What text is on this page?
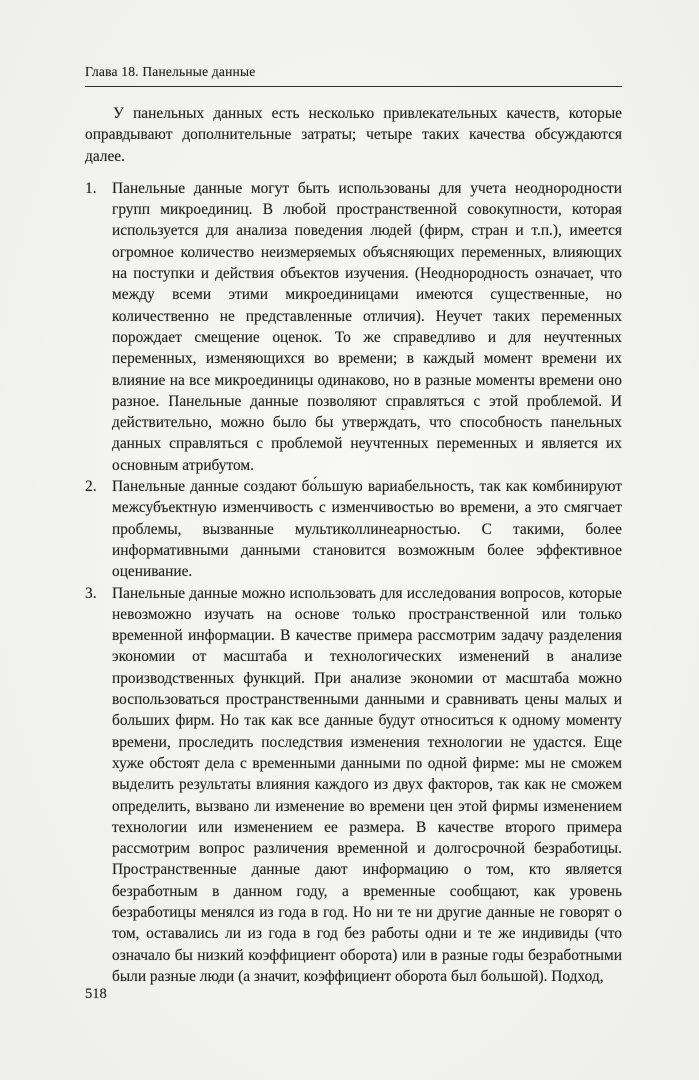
Глава 18. Панельные данные

У панельных данных есть несколько привлекательных качеств, которые оправдывают дополнительные затраты; четыре таких качества обсуждаются далее.

1.	Панельные данные могут быть использованы для учета неоднородности групп микроединиц. В любой пространственной совокупности, которая используется для анализа поведения людей (фирм, стран и т.п.), имеется огромное количество неизмеряемых объясняющих переменных, влияющих на поступки и действия объектов изучения. (Неоднородность означает, что между всеми этими микроединицами имеются существенные, но количественно не представленные отличия). Неучет таких переменных порождает смещение оценок. То же справедливо и для неучтенных переменных, изменяющихся во времени; в каждый момент времени их влияние на все микроединицы одинаково, но в разные моменты времени оно разное. Панельные данные позволяют справляться с этой проблемой. И действительно, можно было бы утверждать, что способность панельных данных справляться с проблемой неучтенных переменных и является их основным атрибутом.
2.	Панельные данные создают бо́льшую вариабельность, так как комбинируют межсубъектную изменчивость с изменчивостью во времени, а это смягчает проблемы, вызванные мультиколлинеарностью. С такими, более информативными данными становится возможным более эффективное оценивание.
3.	Панельные данные можно использовать для исследования вопросов, которые невозможно изучать на основе только пространственной или только временной информации. В качестве примера рассмотрим задачу разделения экономии от масштаба и технологических изменений в анализе производственных функций. При анализе экономии от масштаба можно воспользоваться пространственными данными и сравнивать цены малых и больших фирм. Но так как все данные будут относиться к одному моменту времени, проследить последствия изменения технологии не удастся. Еще хуже обстоят дела с временными данными по одной фирме: мы не сможем выделить результаты влияния каждого из двух факторов, так как не сможем определить, вызвано ли изменение во времени цен этой фирмы изменением технологии или изменением ее размера. В качестве второго примера рассмотрим вопрос различения временной и долгосрочной безработицы. Пространственные данные дают информацию о том, кто является безработным в данном году, а временные сообщают, как уровень безработицы менялся из года в год. Но ни те ни другие данные не говорят о том, оставались ли из года в год без работы одни и те же индивиды (что означало бы низкий коэффициент оборота) или в разные годы безработными были разные люди (а значит, коэффициент оборота был большой). Подход,
518
